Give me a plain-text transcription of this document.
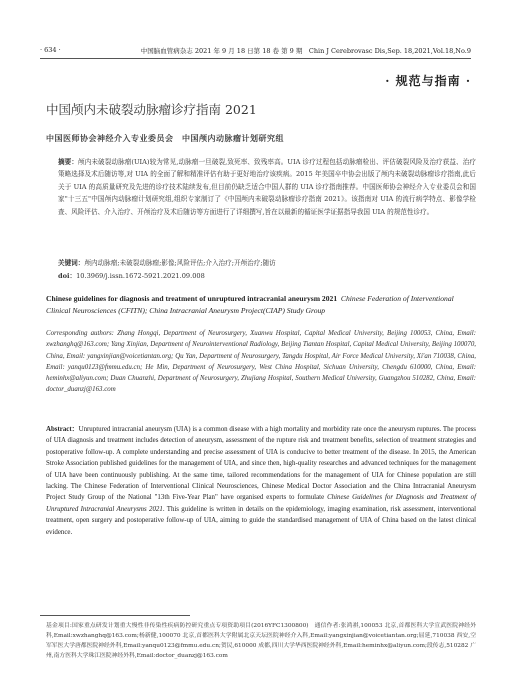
· 634 ·	中国脑血管病杂志 2021 年 9 月 18 日第 18 卷 第 9 期　Chin J Cerebrovasc Dis,Sep. 18,2021,Vol.18,No.9
· 规范与指南 ·
中国颅内未破裂动脉瘤诊疗指南 2021
中国医师协会神经介入专业委员会　中国颅内动脉瘤计划研究组
摘要：颅内未破裂动脉瘤(UIA)较为常见,动脉瘤一旦破裂,致死率、致残率高。UIA 诊疗过程包括动脉瘤检出、评估破裂风险及治疗获益、治疗策略选择及术后随访等,对 UIA 的全面了解和精准评估有助于更好地治疗该疾病。2015 年美国卒中协会出版了颅内未破裂动脉瘤诊疗指南,此后关于 UIA 的高质量研究及先进的诊疗技术陆续发布,但目前仍缺乏适合中国人群的 UIA 诊疗指南推荐。中国医师协会神经介入专业委员会和国家"十三五"中国颅内动脉瘤计划研究组,组织专家制订了《中国颅内未破裂动脉瘤诊疗指南 2021》。该指南对 UIA 的流行病学特点、影像学检查、风险评估、介入治疗、开颅治疗及术后随访等方面进行了详细撰写,旨在以最新的循证医学证据指导我国 UIA 的规范性诊疗。
关键词：颅内动脉瘤;未破裂动脉瘤;影像;风险评估;介入治疗;开颅治疗;随访
doi：10.3969/j.issn.1672-5921.2021.09.008
Chinese guidelines for diagnosis and treatment of unruptured intracranial aneurysm 2021 Chinese Federation of Interventional Clinical Neurosciences (CFITN); China Intracranial Aneurysm Project(CIAP) Study Group
Corresponding authors: Zhang Hongqi, Department of Neurosurgery, Xuanwu Hospital, Capital Medical University, Beijing 100053, China, Email: xwzhanghq@163.com; Yang Xinjian, Department of Neurointerventional Radiology, Beijing Tiantan Hospital, Capital Medical University, Beijing 100070, China, Email: yangxinjian@voicetiantan.org; Qu Yan, Department of Neurosurgery, Tangdu Hospital, Air Force Medical University, Xi'an 710038, China, Email: yanqu0123@fmmu.edu.cn; He Min, Department of Neurosurgery, West China Hospital, Sichuan University, Chengdu 610000, China, Email: heminhx@aliyun.com; Duan Chuanzhi, Department of Neurosurgery, Zhujiang Hospital, Southern Medical University, Guangzhou 510282, China, Email: doctor_duanzj@163.com
Abstract：Unruptured intracranial aneurysm (UIA) is a common disease with a high mortality and morbidity rate once the aneurysm ruptures. The process of UIA diagnosis and treatment includes detection of aneurysm, assessment of the rupture risk and treatment benefits, selection of treatment strategies and postoperative follow-up. A complete understanding and precise assessment of UIA is conducive to better treatment of the disease. In 2015, the American Stroke Association published guidelines for the management of UIA, and since then, high-quality researches and advanced techniques for the management of UIA have been continuously publishing. At the same time, tailored recommendations for the management of UIA for Chinese population are still lacking. The Chinese Federation of Interventional Clinical Neurosciences, Chinese Medical Doctor Association and the China Intracranial Aneurysm Project Study Group of the National "13th Five-Year Plan" have organised experts to formulate Chinese Guidelines for Diagnosis and Treatment of Unruptured Intracranial Aneurysms 2021. This guideline is written in details on the epidemiology, imaging examination, risk assessment, interventional treatment, open surgery and postoperative follow-up of UIA, aiming to guide the standardised management of UIA of China based on the latest clinical evidence.
基金项目:国家重点研发计划重大慢性非传染性疾病防控研究重点专项资助项目(2016YFC1300800)　通信作者:张鸿祺,100053 北京,首都医科大学宣武医院神经外科,Email:xwzhanghq@163.com;杨新健,100070 北京,首都医科大学附属北京天坛医院神经介入科,Email:yangxinjian@voicetiantan.org;屈延,710038 西安,空军军医大学唐都医院神经外科,Email:yanqu0123@fmmu.edu.cn;贺民,610000 成都,四川大学华西医院神经外科,Email:heminhx@aliyun.com;段传志,510282 广州,南方医科大学珠江医院神经外科,Email:doctor_duanzj@163.com
